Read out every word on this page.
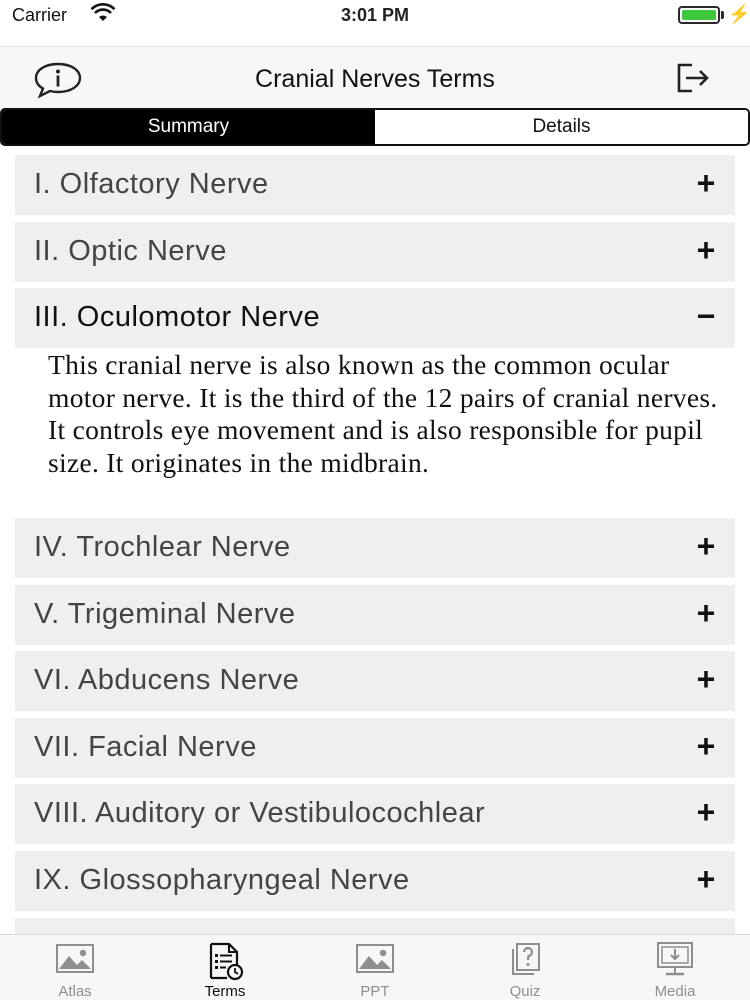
Carrier	3:01 PM	⚡
Cranial Nerves Terms
Summary	Details
I. Olfactory Nerve	+
II. Optic Nerve	+
III. Oculomotor Nerve	−
This cranial nerve is also known as the common ocular motor nerve. It is the third of the 12 pairs of cranial nerves. It controls eye movement and is also responsible for pupil size. It originates in the midbrain.
IV. Trochlear Nerve	+
V. Trigeminal Nerve	+
VI. Abducens Nerve	+
VII. Facial Nerve	+
VIII. Auditory or Vestibulocochlear	+
IX. Glossopharyngeal Nerve	+
Atlas	Terms	PPT	Quiz	Media
